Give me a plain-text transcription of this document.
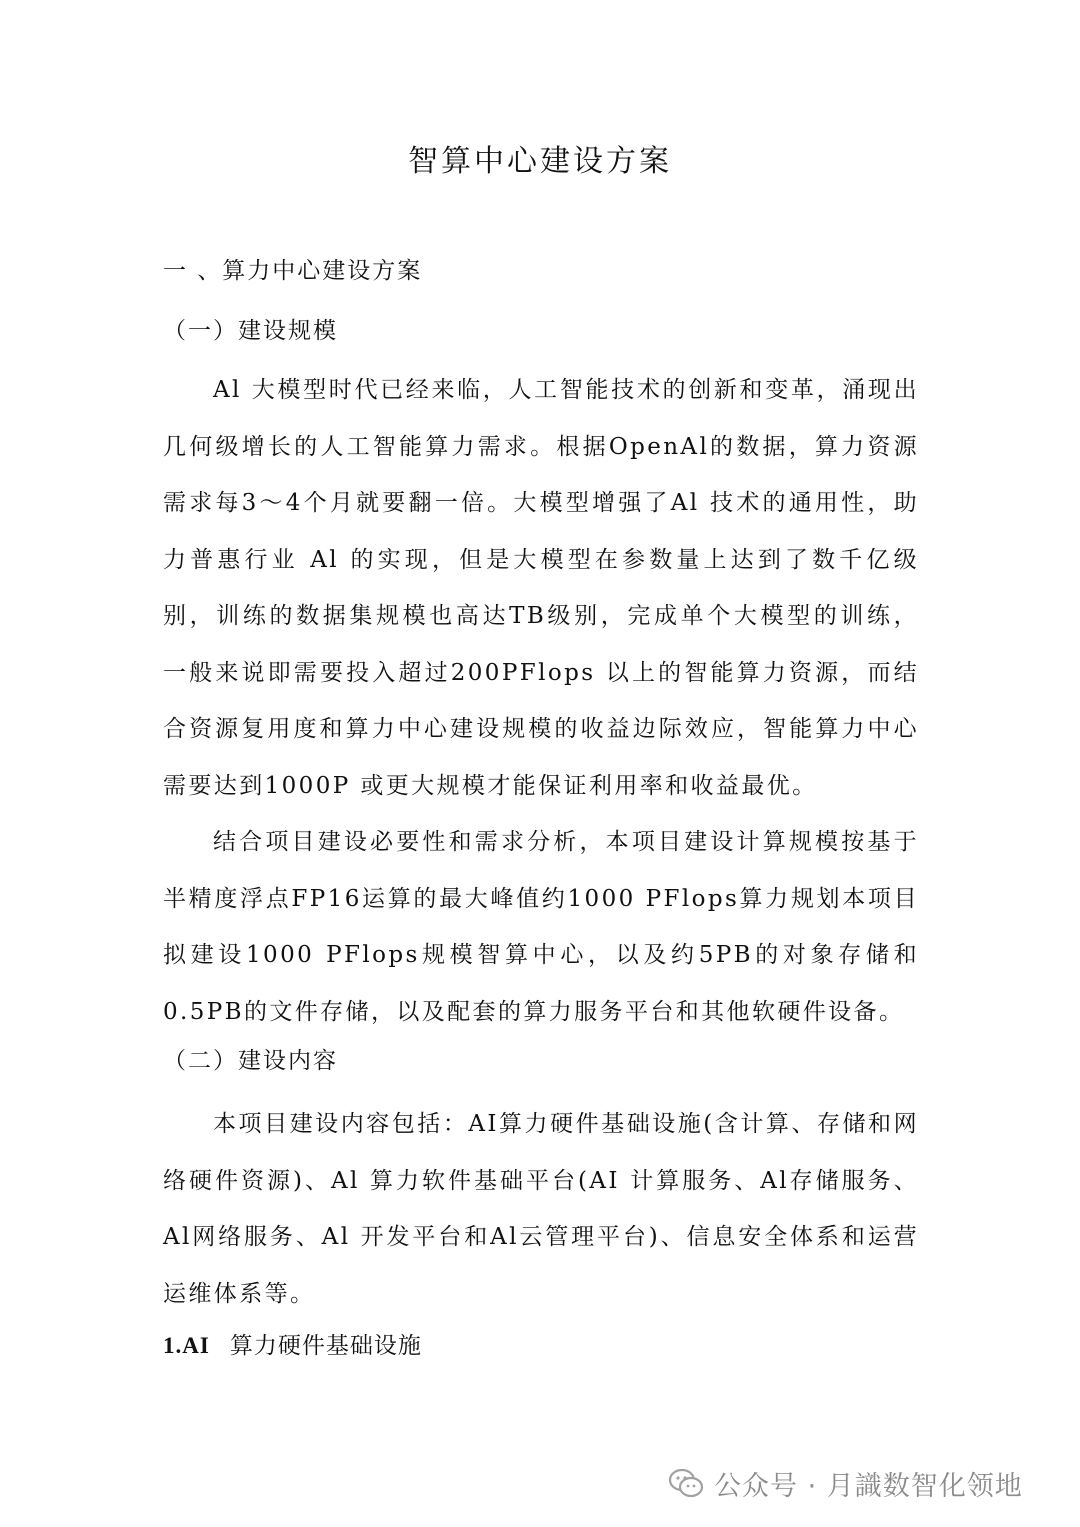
智算中心建设方案
一 、算力中心建设方案
（一）建设规模

Al 大模型时代已经来临，人工智能技术的创新和变革，涌现出几何级增长的人工智能算力需求。根据OpenAl的数据，算力资源需求每3～4个月就要翻一倍。大模型增强了Al 技术的通用性，助力普惠行业 Al 的实现，但是大模型在参数量上达到了数千亿级别，训练的数据集规模也高达TB级别，完成单个大模型的训练， 一般来说即需要投入超过200PFlops 以上的智能算力资源，而结合资源复用度和算力中心建设规模的收益边际效应，智能算力中心需要达到1000P 或更大规模才能保证利用率和收益最优。

结合项目建设必要性和需求分析，本项目建设计算规模按基于半精度浮点FP16运算的最大峰值约1000 PFlops算力规划本项目拟建设1000 PFlops规模智算中心，以及约5PB的对象存储和0.5PB的文件存储，以及配套的算力服务平台和其他软硬件设备。

（二）建设内容

本项目建设内容包括：AI算力硬件基础设施(含计算、存储和网络硬件资源)、Al 算力软件基础平台(AI 计算服务、Al存储服务、 Al网络服务、Al 开发平台和Al云管理平台)、信息安全体系和运营运维体系等。

1.AI 算力硬件基础设施
公众号 · 月識数智化领地
